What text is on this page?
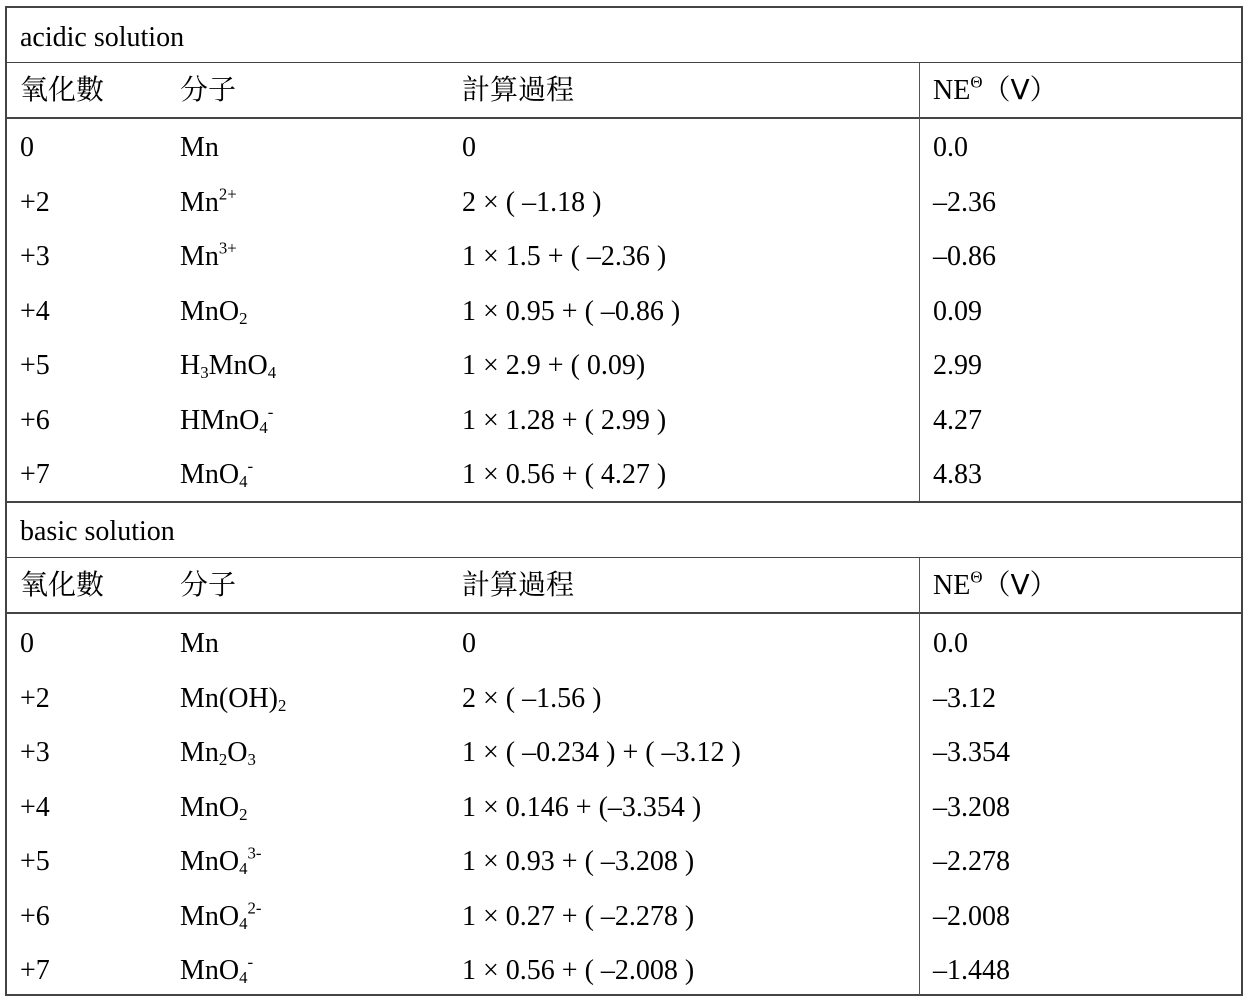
acidic solution
氧化數	分子	計算過程	$NE^\Theta(V)$
0	Mn	0	0.0
+2	$Mn^{2+}$	2 × ( –1.18 )	–2.36
+3	$Mn^{3+}$	1 × 1.5 + ( –2.36 )	–0.86
+4	MnO$_2$	1 × 0.95 + ( –0.86 )	0.09
+5	$H_3MnO_4$	1 × 2.9 + ( 0.09)	2.99
+6	HMnO$_4$-	1 × 1.28 + ( 2.99 )	4.27
+7	MnO$_4$-	1 × 0.56 + ( 4.27 )	4.83
basic solution
氧化數	分子	計算過程	$NE^\Theta(V)$
0	Mn	0	0.0
+2	$Mn(OH)_2$	2 × ( –1.56 )	–3.12
+3	$Mn_2O_3$	1 × ( –0.234 ) + ( –3.12 )	–3.354
+4	MnO$_2$	1 × 0.146 + (–3.354 )	–3.208
+5	MnO$_4^{3-}$	1 × 0.93 + ( –3.208 )	–2.278
+6	MnO$_4^{2-}$	1 × 0.27 + ( –2.278 )	–2.008
+7	MnO$_4$-	1 × 0.56 + ( –2.008 )	–1.448
